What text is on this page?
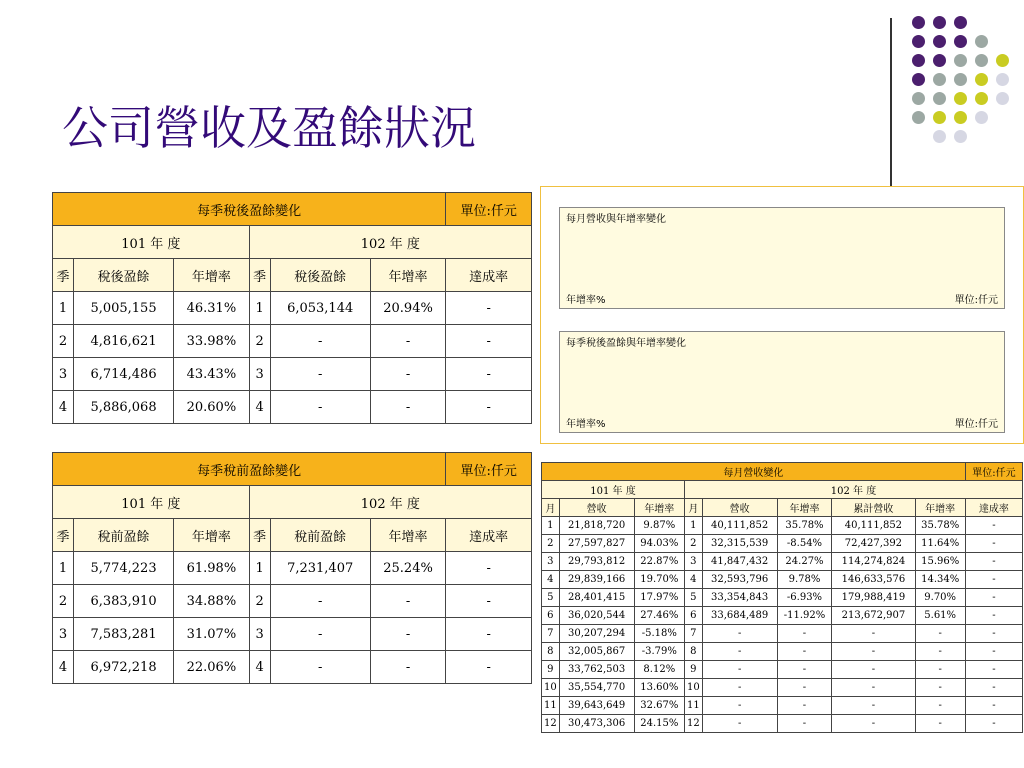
公司營收及盈餘狀況
每季稅後盈餘變化						單位:仟元
101 年 度			102 年 度			
季	稅後盈餘	年增率	季	稅後盈餘	年增率	達成率
1	5,005,155	46.31%	1	6,053,144	20.94%	-
2	4,816,621	33.98%	2	-	-	-
3	6,714,486	43.43%	3	-	-	-
4	5,886,068	20.60%	4	-	-	-
每季稅前盈餘變化						單位:仟元
101 年 度			102 年 度			
季	稅前盈餘	年增率	季	稅前盈餘	年增率	達成率
1	5,774,223	61.98%	1	7,231,407	25.24%	-
2	6,383,910	34.88%	2	-	-	-
3	7,583,281	31.07%	3	-	-	-
4	6,972,218	22.06%	4	-	-	-
每月營收與年增率變化
單位:仟元
年增率%
每季稅後盈餘與年增率變化
單位:仟元
年增率%
每月營收變化								單位:仟元
101 年 度			102 年 度					
月	營收	年增率	月	營收	年增率	累計營收	年增率	達成率
1	21,818,720	9.87%	1	40,111,852	35.78%	40,111,852	35.78%	-
2	27,597,827	94.03%	2	32,315,539	-8.54%	72,427,392	11.64%	-
3	29,793,812	22.87%	3	41,847,432	24.27%	114,274,824	15.96%	-
4	29,839,166	19.70%	4	32,593,796	9.78%	146,633,576	14.34%	-
5	28,401,415	17.97%	5	33,354,843	-6.93%	179,988,419	9.70%	-
6	36,020,544	27.46%	6	33,684,489	-11.92%	213,672,907	5.61%	-
7	30,207,294	-5.18%	7	-	-	-	-	-
8	32,005,867	-3.79%	8	-	-	-	-	-
9	33,762,503	8.12%	9	-	-	-	-	-
10	35,554,770	13.60%	10	-	-	-	-	-
11	39,643,649	32.67%	11	-	-	-	-	-
12	30,473,306	24.15%	12	-	-	-	-	-
